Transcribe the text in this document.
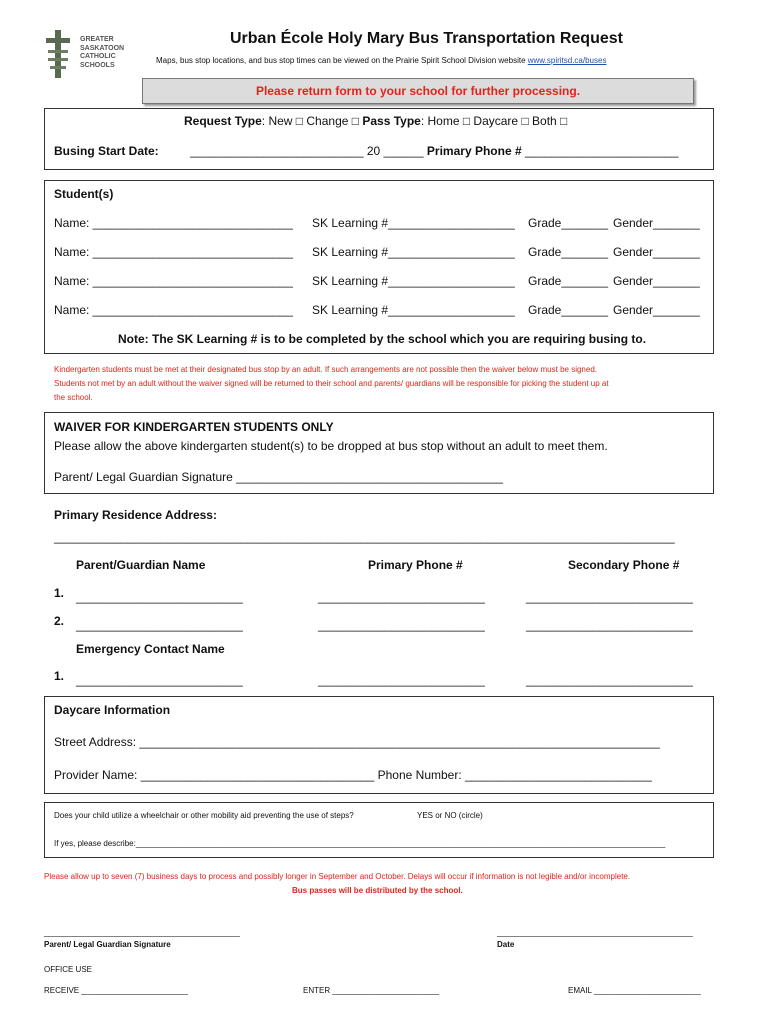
GREATER
SASKATOON
CATHOLIC
SCHOOLS
Urban École Holy Mary Bus Transportation Request
Maps, bus stop locations, and bus stop times can be viewed on the Prairie Spirit School Division website www.spiritsd.ca/buses
Please return form to your school for further processing.
Request Type: New □ Change □ Pass Type: Home □ Daycare □ Both □
Busing Start Date:	__________________________ 20 ______ Primary Phone # _______________________
Student(s)
Name: ______________________________ SK Learning #___________________ Grade_______ Gender_______
Name: ______________________________ SK Learning #___________________ Grade_______ Gender_______
Name: ______________________________ SK Learning #___________________ Grade_______ Gender_______
Name: ______________________________ SK Learning #___________________ Grade_______ Gender_______
Note: The SK Learning # is to be completed by the school which you are requiring busing to.
Kindergarten students must be met at their designated bus stop by an adult. If such arrangements are not possible then the waiver below must be signed.
Students not met by an adult without the waiver signed will be returned to their school and parents/ guardians will be responsible for picking the student up at
the school.
WAIVER FOR KINDERGARTEN STUDENTS ONLY
Please allow the above kindergarten student(s) to be dropped at bus stop without an adult to meet them.
Parent/ Legal Guardian Signature ________________________________________
Primary Residence Address:
_____________________________________________________________________________________________
Parent/Guardian Name	Primary Phone #	Secondary Phone #
1. _________________________	_________________________	_________________________
2. _________________________	_________________________	_________________________
Emergency Contact Name
1. _________________________	_________________________	_________________________
Daycare Information
Street Address: ______________________________________________________________________________
Provider Name: ___________________________________ Phone Number: ____________________________
Does your child utilize a wheelchair or other mobility aid preventing the use of steps?	YES or NO (circle)
If yes, please describe:_______________________________________________________________________________________________________________________
Please allow up to seven (7) business days to process and possibly longer in September and October. Delays will occur if information is not legible and/or incomplete.
Bus passes will be distributed by the school.
____________________________________________
Parent/ Legal Guardian Signature
____________________________________________
Date
OFFICE USE
RECEIVE ________________________	ENTER ________________________	EMAIL ________________________
